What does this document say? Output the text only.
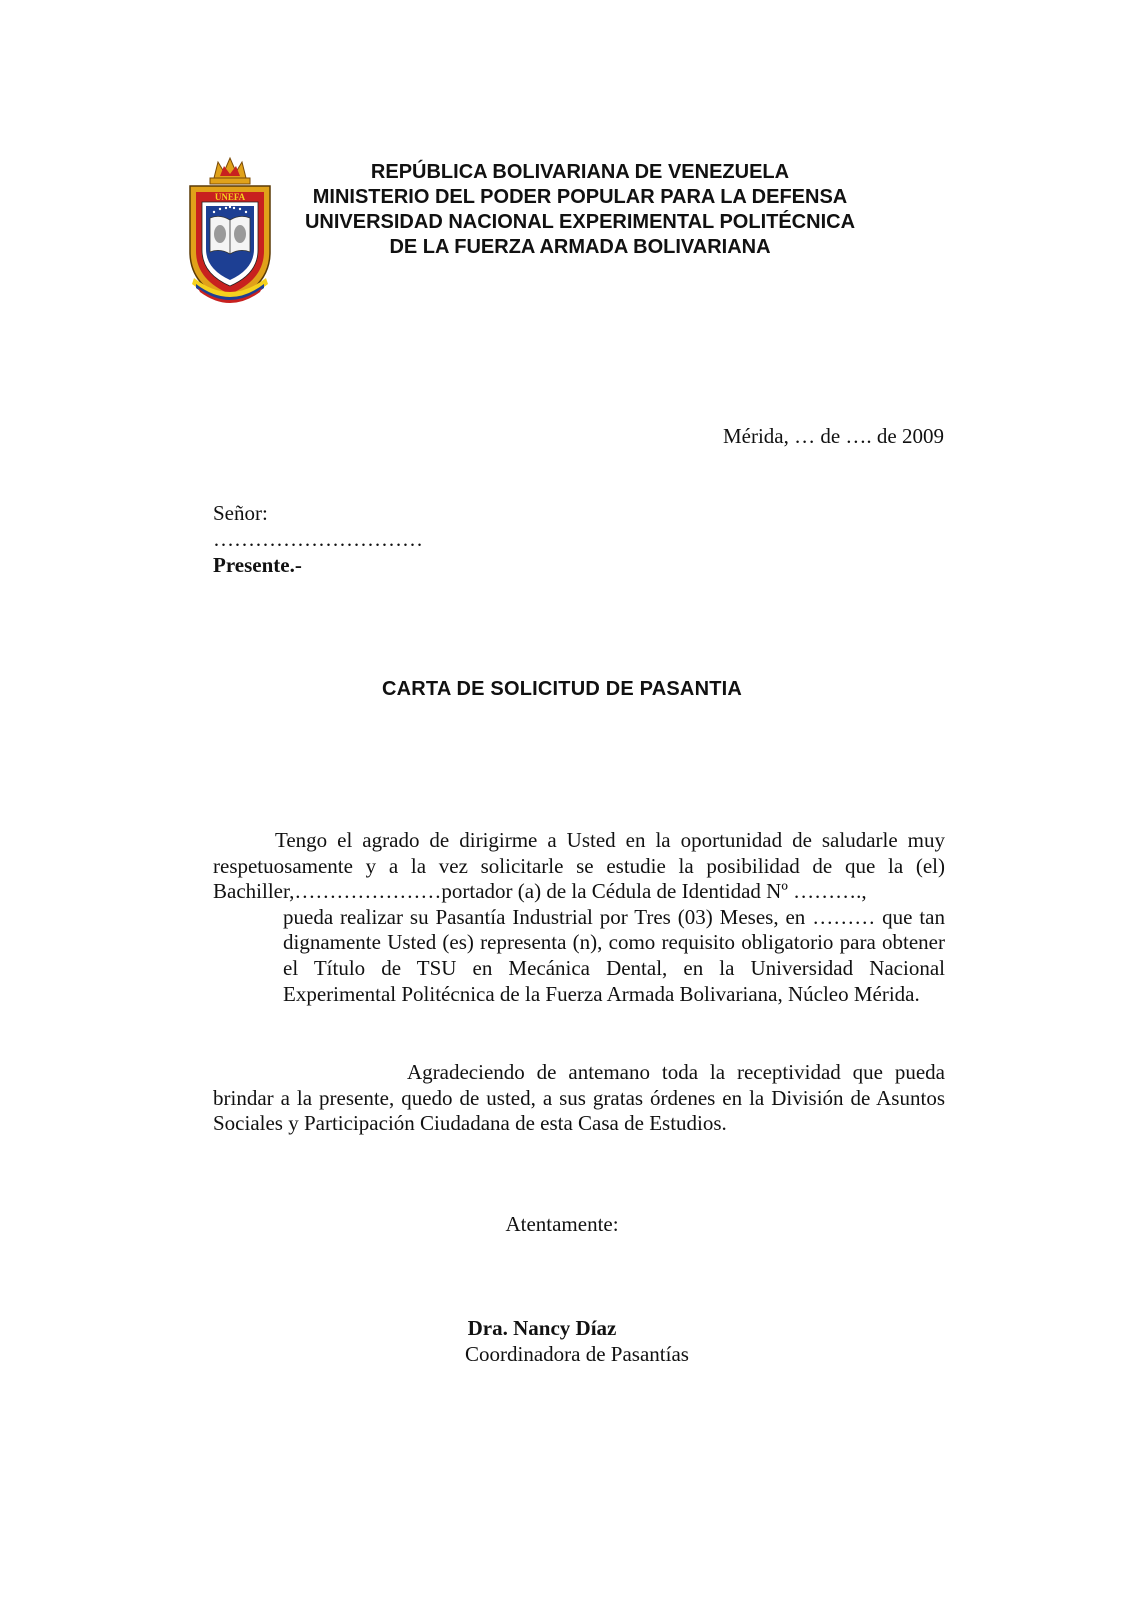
UNEFA
REPÚBLICA BOLIVARIANA DE VENEZUELA
MINISTERIO DEL PODER POPULAR PARA LA DEFENSA
UNIVERSIDAD NACIONAL EXPERIMENTAL POLITÉCNICA
DE LA FUERZA ARMADA BOLIVARIANA
Mérida, … de …. de 2009
Señor:
…………………………
Presente.-
CARTA DE SOLICITUD DE PASANTIA

Tengo el agrado de dirigirme a Usted en la oportunidad de saludarle muy respetuosamente y a la vez solicitarle se estudie la posibilidad de que la (el) Bachiller,…………………portador (a) de la Cédula de Identidad Nº ……….,

pueda realizar su Pasantía Industrial por Tres (03) Meses, en ……… que tan dignamente Usted (es) representa (n), como requisito obligatorio para obtener el Título de TSU en Mecánica Dental, en la Universidad Nacional Experimental Politécnica de la Fuerza Armada Bolivariana, Núcleo Mérida.

Agradeciendo de antemano toda la receptividad que pueda brindar a la presente, quedo de usted, a sus gratas órdenes en la División de Asuntos Sociales y Participación Ciudadana de esta Casa de Estudios.

Atentamente:
Dra. Nancy Díaz
Coordinadora de Pasantías
